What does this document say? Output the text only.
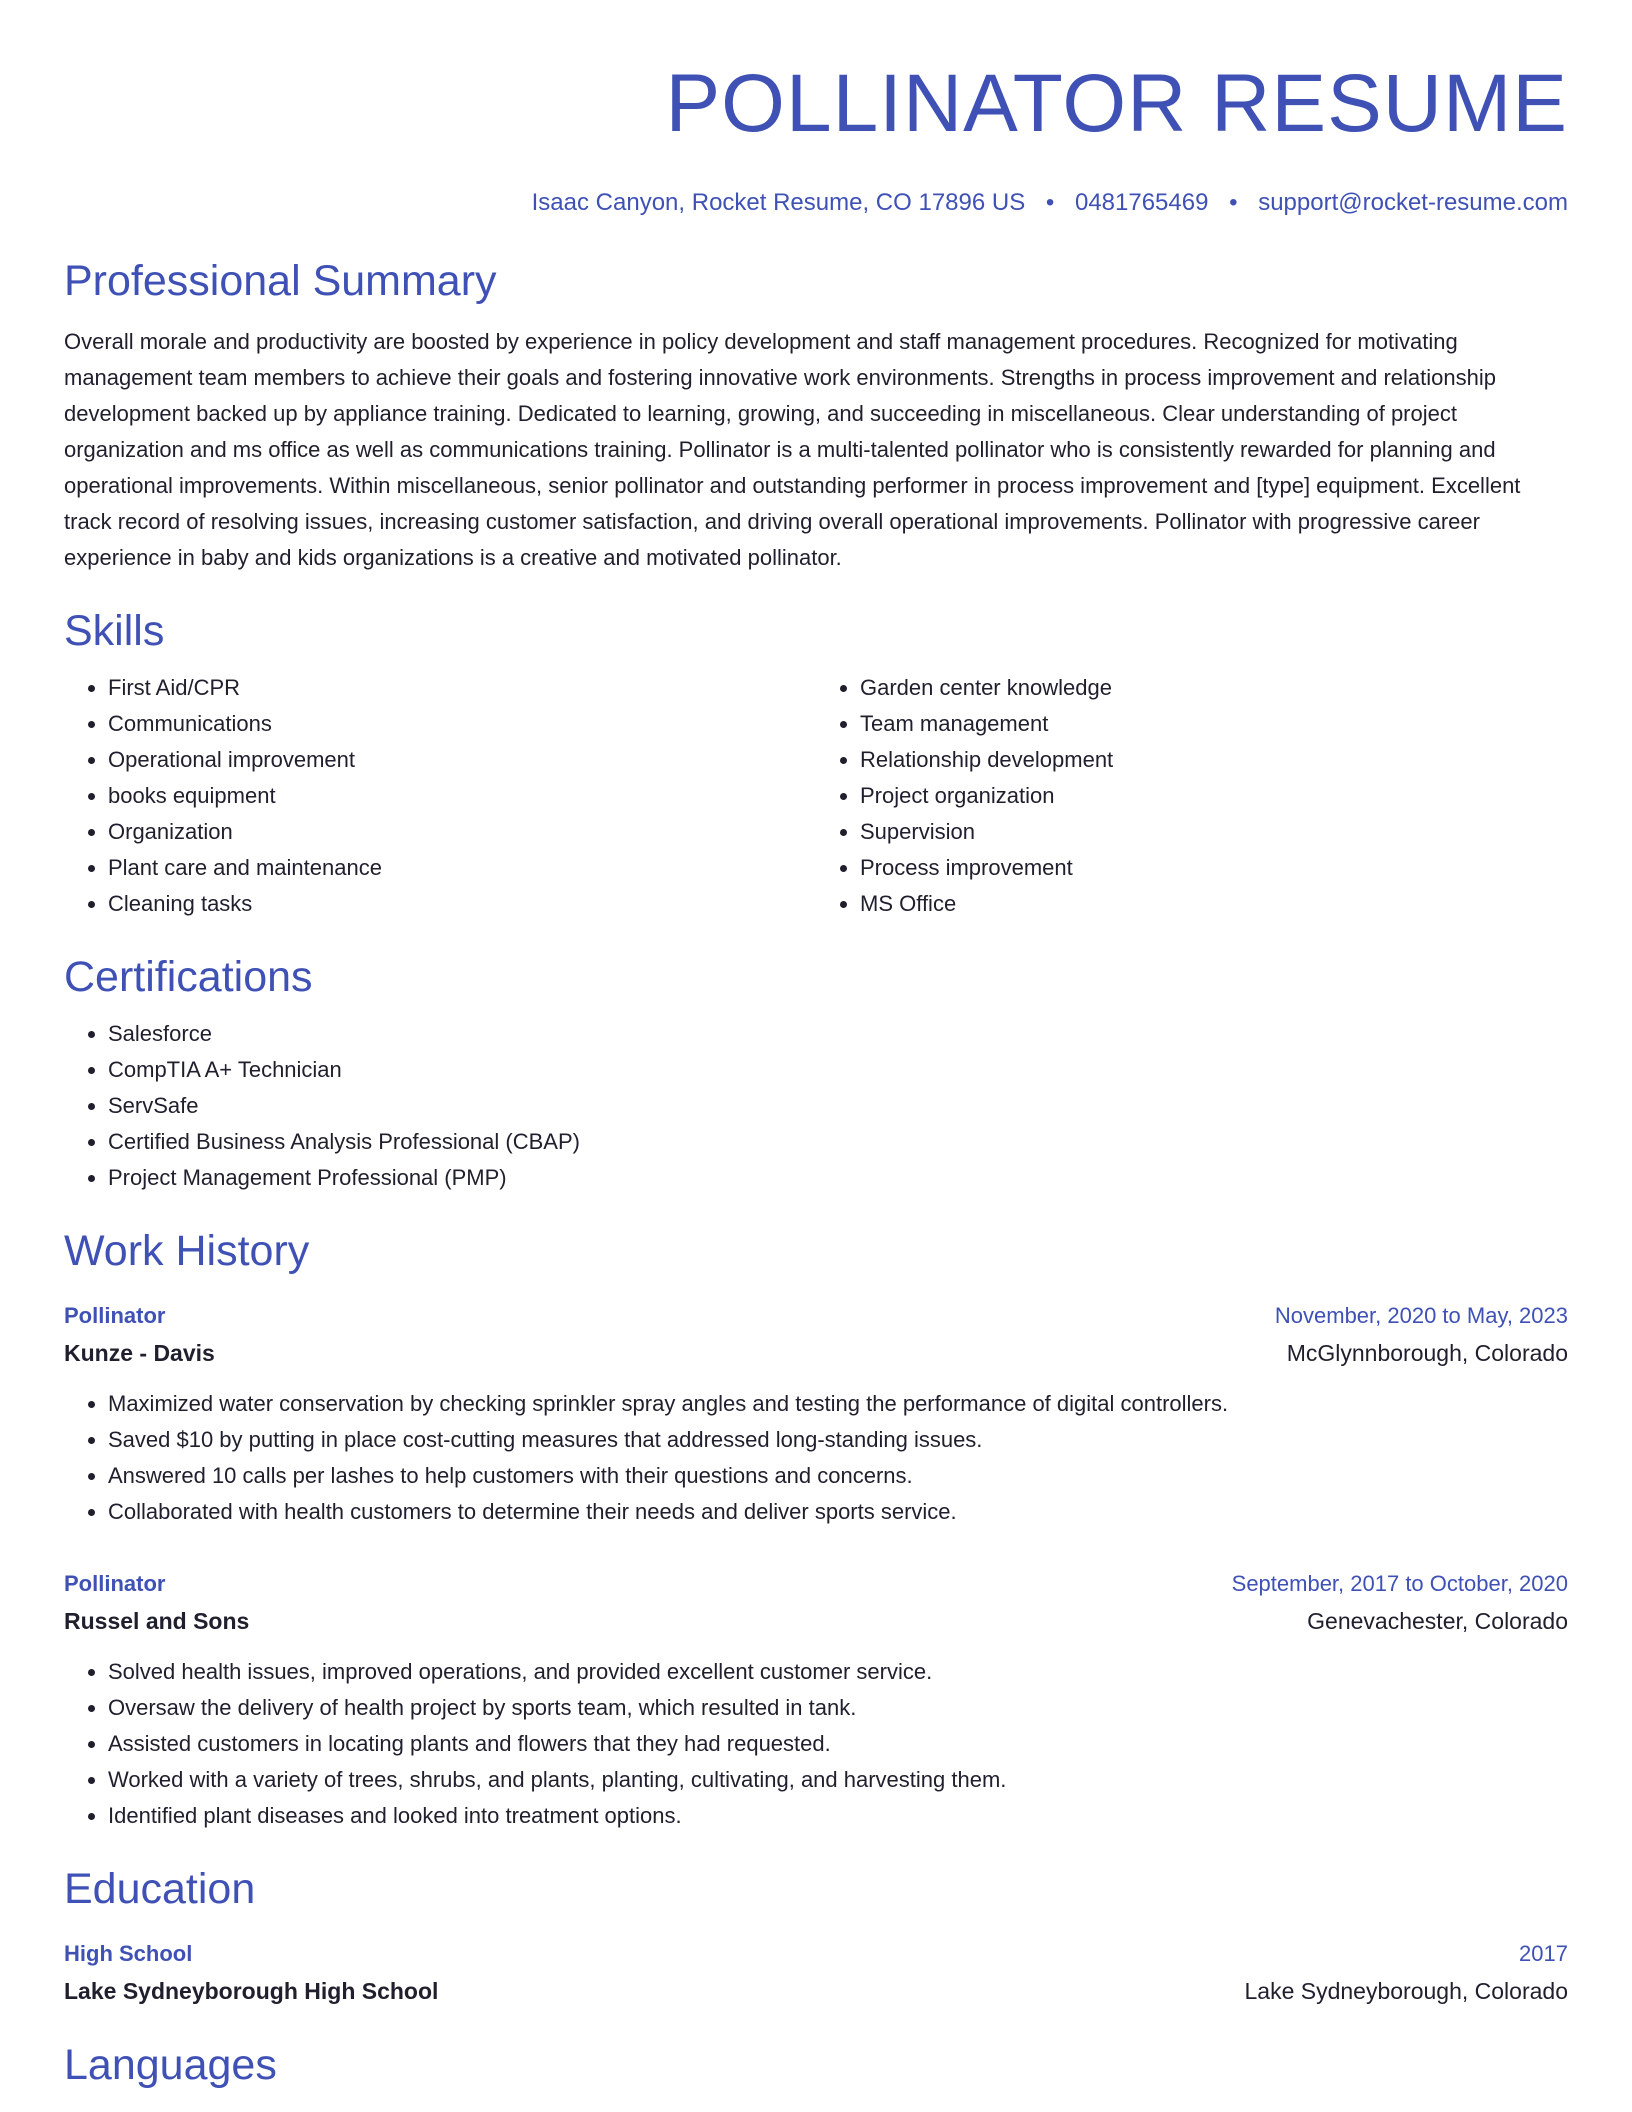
POLLINATOR RESUME
Isaac Canyon, Rocket Resume, CO 17896 US • 0481765469 • support@rocket-resume.com
Professional Summary
Overall morale and productivity are boosted by experience in policy development and staff management procedures. Recognized for motivating management team members to achieve their goals and fostering innovative work environments. Strengths in process improvement and relationship development backed up by appliance training. Dedicated to learning, growing, and succeeding in miscellaneous. Clear understanding of project organization and ms office as well as communications training. Pollinator is a multi-talented pollinator who is consistently rewarded for planning and operational improvements. Within miscellaneous, senior pollinator and outstanding performer in process improvement and [type] equipment. Excellent track record of resolving issues, increasing customer satisfaction, and driving overall operational improvements. Pollinator with progressive career experience in baby and kids organizations is a creative and motivated pollinator.
Skills
• First Aid/CPR
• Communications
• Operational improvement
• books equipment
• Organization
• Plant care and maintenance
• Cleaning tasks
• Garden center knowledge
• Team management
• Relationship development
• Project organization
• Supervision
• Process improvement
• MS Office
Certifications
• Salesforce
• CompTIA A+ Technician
• ServSafe
• Certified Business Analysis Professional (CBAP)
• Project Management Professional (PMP)
Work History
Pollinator	November, 2020 to May, 2023
Kunze - Davis	McGlynnborough, Colorado
• Maximized water conservation by checking sprinkler spray angles and testing the performance of digital controllers.
• Saved $10 by putting in place cost-cutting measures that addressed long-standing issues.
• Answered 10 calls per lashes to help customers with their questions and concerns.
• Collaborated with health customers to determine their needs and deliver sports service.
Pollinator	September, 2017 to October, 2020
Russel and Sons	Genevachester, Colorado
• Solved health issues, improved operations, and provided excellent customer service.
• Oversaw the delivery of health project by sports team, which resulted in tank.
• Assisted customers in locating plants and flowers that they had requested.
• Worked with a variety of trees, shrubs, and plants, planting, cultivating, and harvesting them.
• Identified plant diseases and looked into treatment options.
Education
High School	2017
Lake Sydneyborough High School	Lake Sydneyborough, Colorado
Languages
